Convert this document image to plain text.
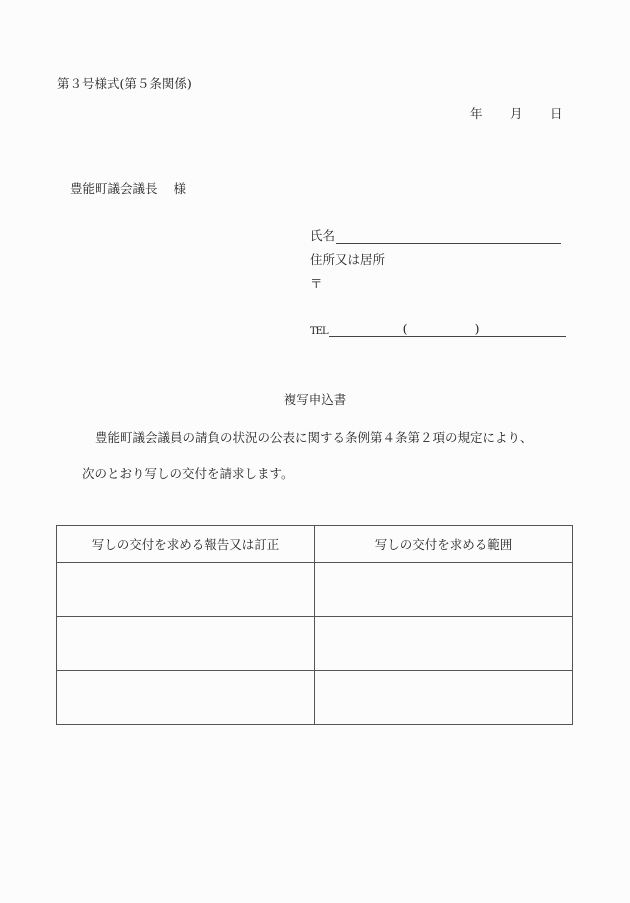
第３号様式(第５条関係)
年	月	日
豊能町議会議長 様
氏名
住所又は居所
〒
TEL	(	)
複写申込書
豊能町議会議員の請負の状況の公表に関する条例第４条第２項の規定により、
次のとおり写しの交付を請求します。
写しの交付を求める報告又は訂正	写しの交付を求める範囲
